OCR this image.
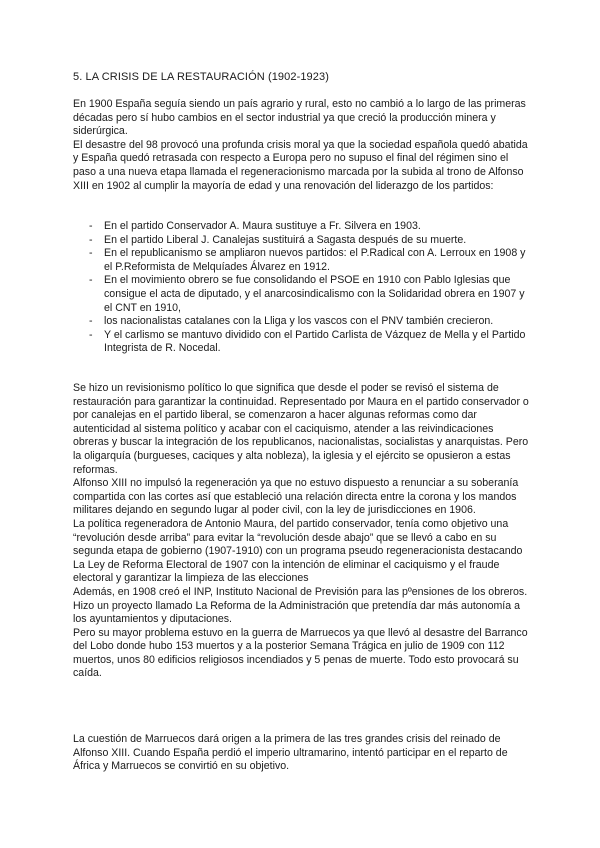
5. LA CRISIS DE LA RESTAURACIÓN (1902-1923)

En 1900 España seguía siendo un país agrario y rural, esto no cambió a lo largo de las primeras décadas pero sí hubo cambios en el sector industrial ya que creció la producción minera y siderúrgica.

El desastre del 98 provocó una profunda crisis moral ya que la sociedad española quedó abatida y España quedó retrasada con respecto a Europa pero no supuso el final del régimen sino el paso a una nueva etapa llamada el regeneracionismo marcada por la subida al trono de Alfonso XIII en 1902 al cumplir la mayoría de edad y una renovación del liderazgo de los partidos:

- En el partido Conservador A. Maura sustituye a Fr. Silvera en 1903.
- En el partido Liberal J. Canalejas sustituirá a Sagasta después de su muerte.
- En el republicanismo se ampliaron nuevos partidos: el P.Radical con A. Lerroux en 1908 y el P.Reformista de Melquíades Álvarez en 1912.
- En el movimiento obrero se fue consolidando el PSOE en 1910 con Pablo Iglesias que consigue el acta de diputado, y el anarcosindicalismo con la Solidaridad obrera en 1907 y el CNT en 1910,
- los nacionalistas catalanes con la Lliga y los vascos con el PNV también crecieron.
- Y el carlismo se mantuvo dividido con el Partido Carlista de Vázquez de Mella y el Partido Integrista de R. Nocedal.

Se hizo un revisionismo político lo que significa que desde el poder se revisó el sistema de restauración para garantizar la continuidad. Representado por Maura en el partido conservador o por canalejas en el partido liberal, se comenzaron a hacer algunas reformas como dar autenticidad al sistema político y acabar con el caciquismo, atender a las reivindicaciones obreras y buscar la integración de los republicanos, nacionalistas, socialistas y anarquistas. Pero la oligarquía (burgueses, caciques y alta nobleza), la iglesia y el ejército se opusieron a estas reformas.

Alfonso XIII no impulsó la regeneración ya que no estuvo dispuesto a renunciar a su soberanía compartida con las cortes así que estableció una relación directa entre la corona y los mandos militares dejando en segundo lugar al poder civil, con la ley de jurisdicciones en 1906.

La política regeneradora de Antonio Maura, del partido conservador, tenía como objetivo una “revolución desde arriba” para evitar la “revolución desde abajo” que se llevó a cabo en su segunda etapa de gobierno (1907-1910) con un programa pseudo regeneracionista destacando La Ley de Reforma Electoral de 1907 con la intención de eliminar el caciquismo y el fraude electoral y garantizar la limpieza de las elecciones

Además, en 1908 creó el INP, Instituto Nacional de Previsión para las pºensiones de los obreros. Hizo un proyecto llamado La Reforma de la Administración que pretendía dar más autonomía a los ayuntamientos y diputaciones.

Pero su mayor problema estuvo en la guerra de Marruecos ya que llevó al desastre del Barranco del Lobo donde hubo 153 muertos y a la posterior Semana Trágica en julio de 1909 con 112 muertos, unos 80 edificios religiosos incendiados y 5 penas de muerte. Todo esto provocará su caída.

La cuestión de Marruecos dará origen a la primera de las tres grandes crisis del reinado de Alfonso XIII. Cuando España perdió el imperio ultramarino, intentó participar en el reparto de África y Marruecos se convirtió en su objetivo.
